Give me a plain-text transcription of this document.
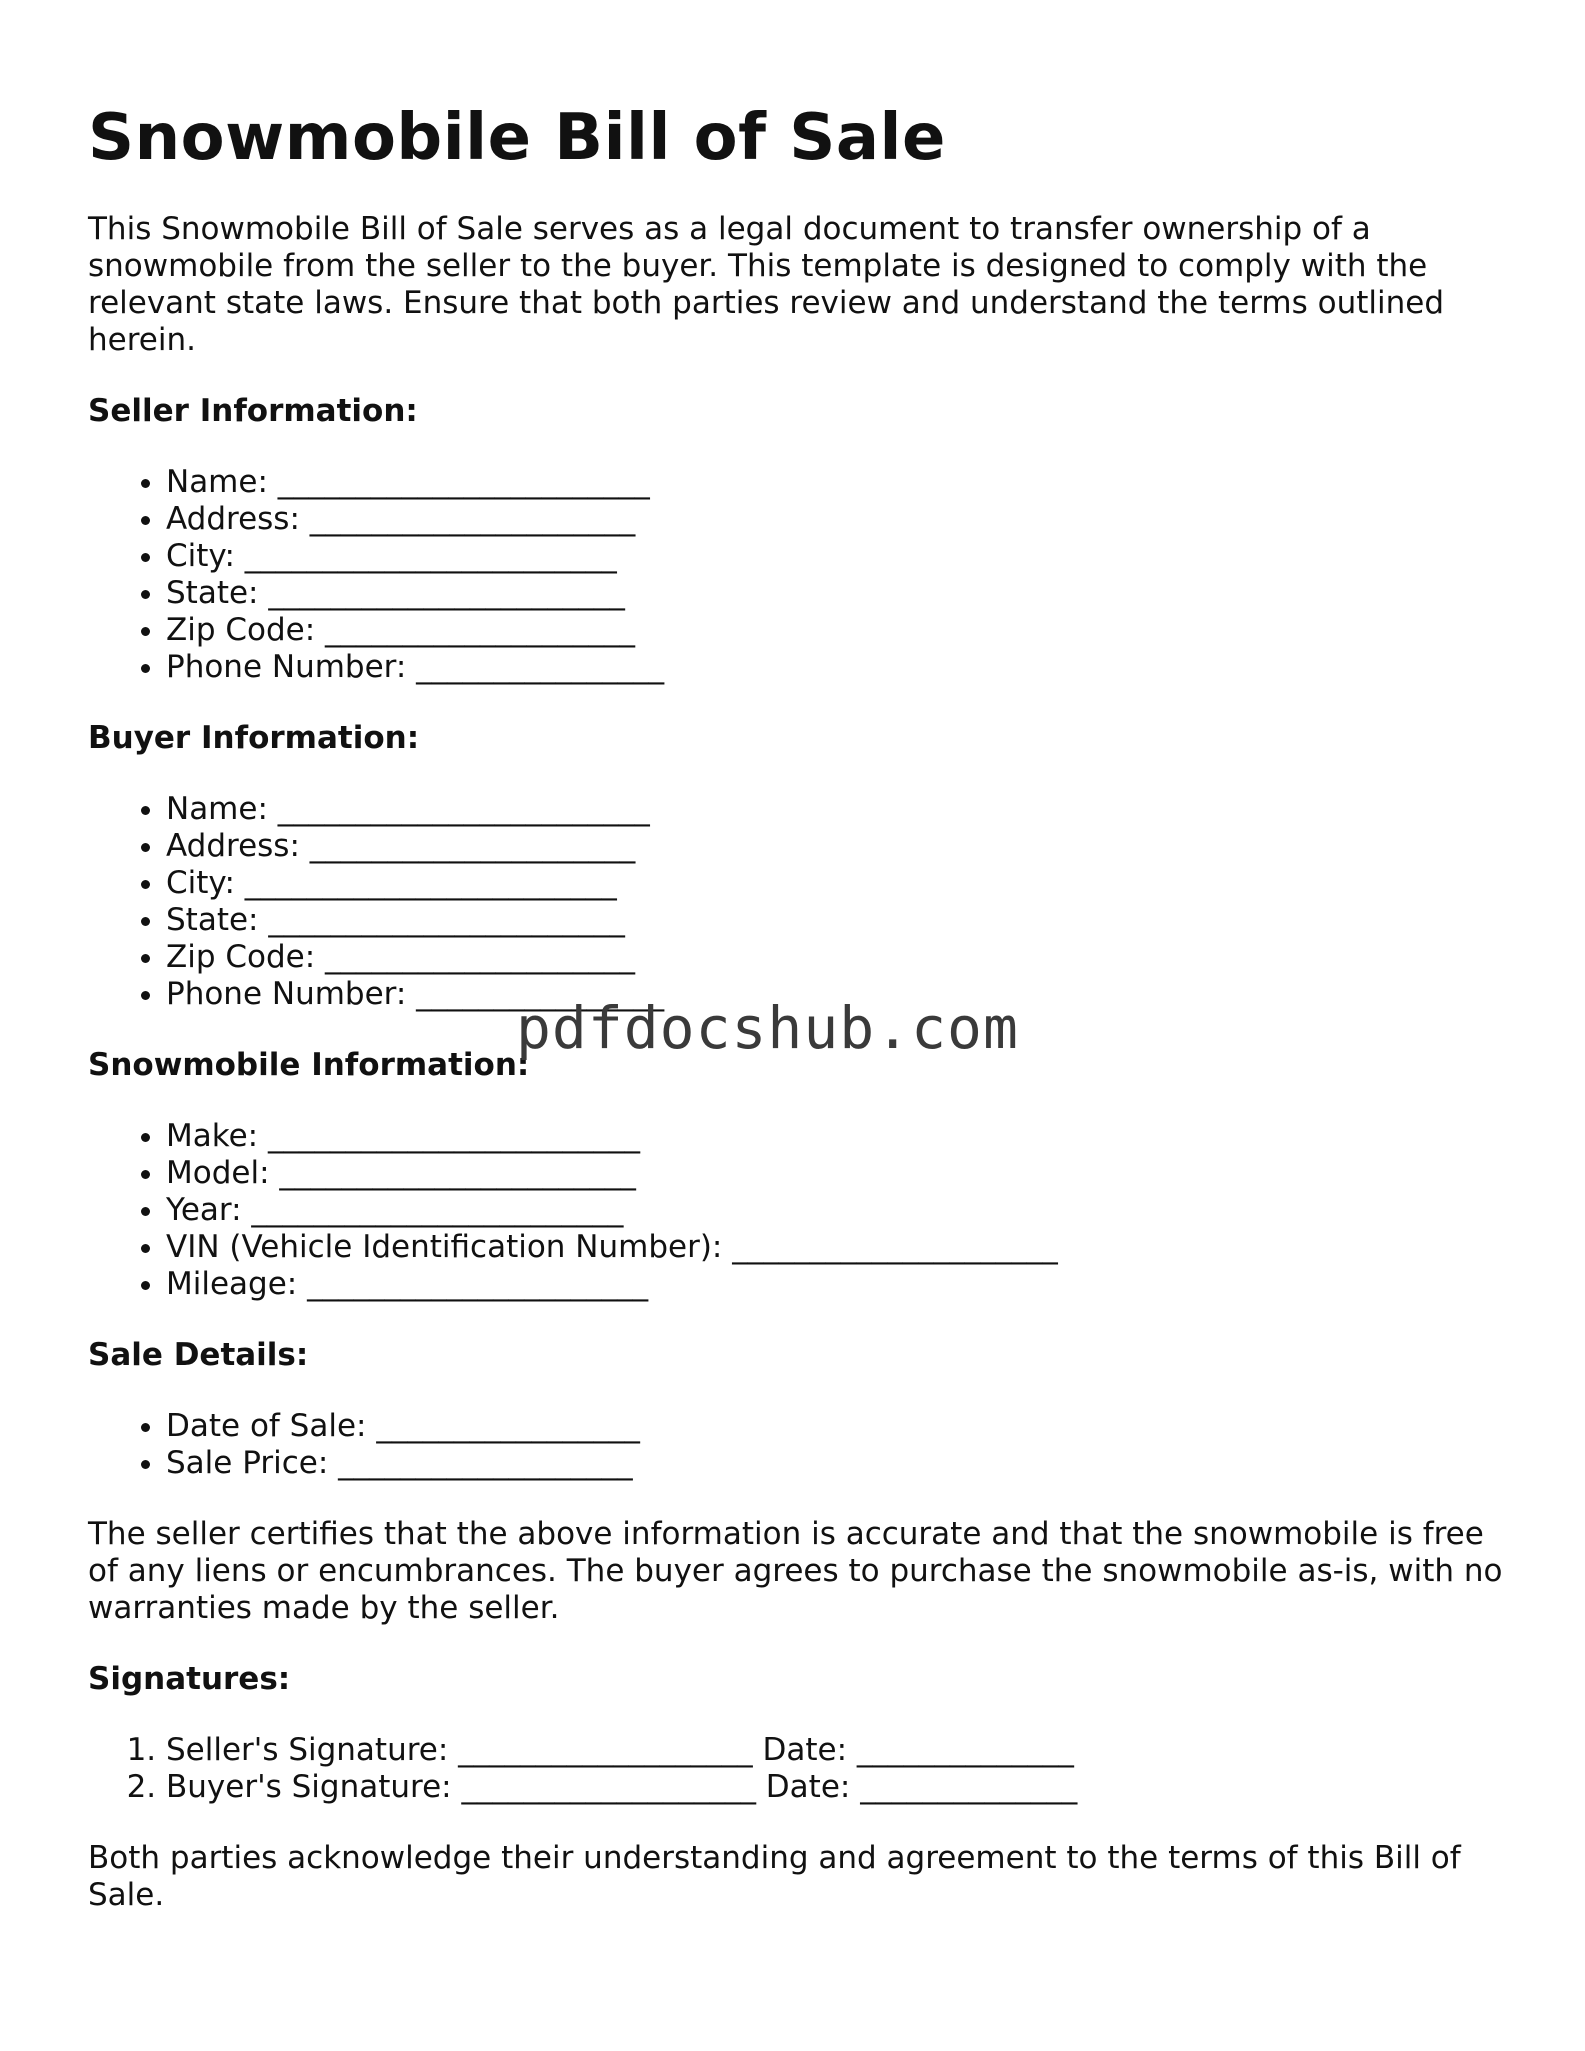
Snowmobile Bill of Sale

This Snowmobile Bill of Sale serves as a legal document to transfer ownership of a snowmobile from the seller to the buyer. This template is designed to comply with the relevant state laws. Ensure that both parties review and understand the terms outlined herein.

Seller Information:
• Name: ________________________
• Address: _____________________
• City: ________________________
• State: _______________________
• Zip Code: ____________________
• Phone Number: ________________
Buyer Information:
• Name: ________________________
• Address: _____________________
• City: ________________________
• State: _______________________
• Zip Code: ____________________
• Phone Number: ________________
Snowmobile Information:
• Make: ________________________
• Model: _______________________
• Year: ________________________
• VIN (Vehicle Identification Number): _____________________
• Mileage: ______________________
Sale Details:
• Date of Sale: _________________
• Sale Price: ___________________

The seller certifies that the above information is accurate and that the snowmobile is free of any liens or encumbrances. The buyer agrees to purchase the snowmobile as-is, with no warranties made by the seller.

Signatures:
1. Seller's Signature: ___________________ Date: ______________
2. Buyer's Signature: ___________________ Date: ______________

Both parties acknowledge their understanding and agreement to the terms of this Bill of Sale.

pdfdocshub.com
